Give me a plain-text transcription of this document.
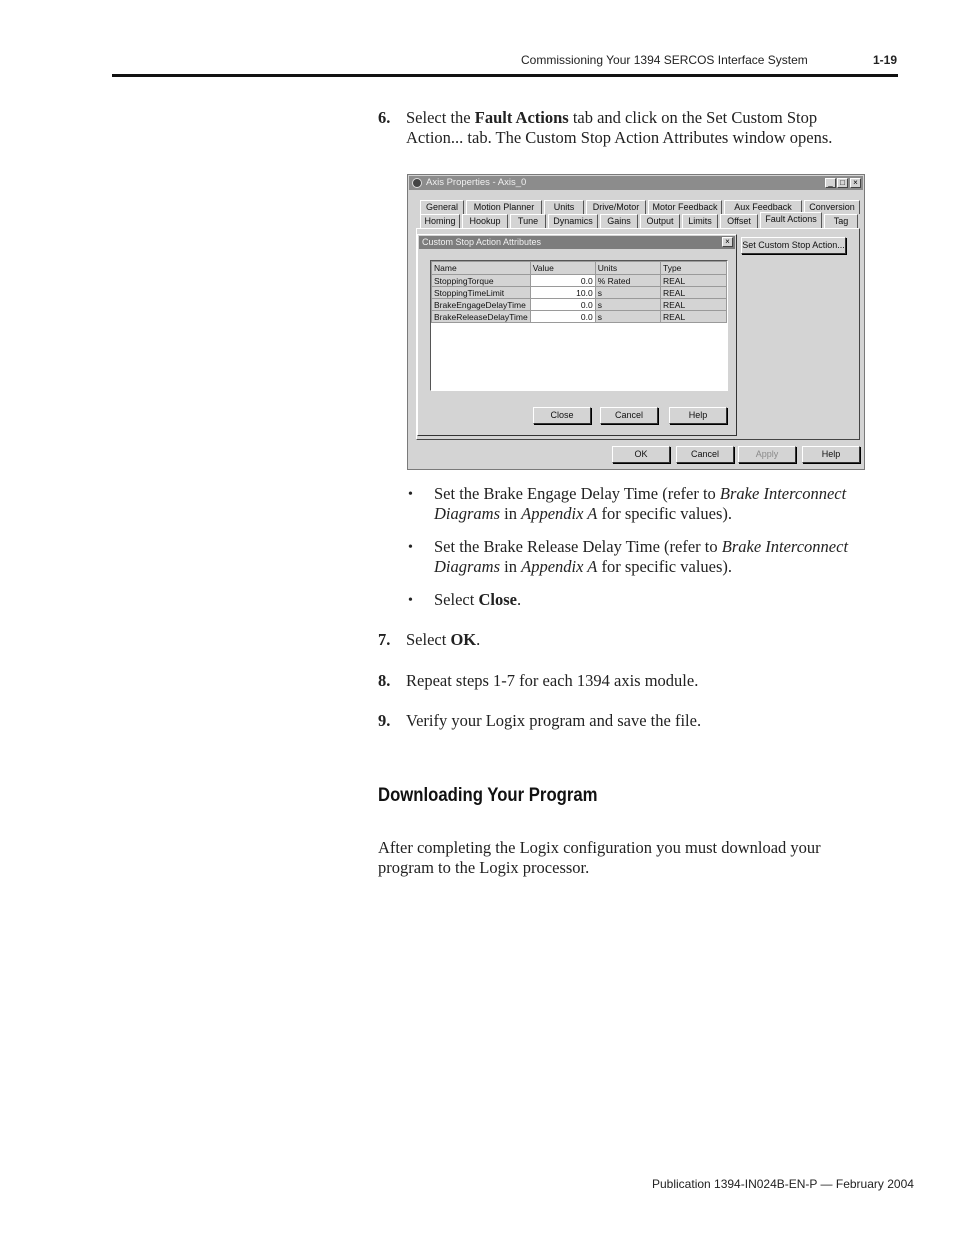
Commissioning Your 1394 SERCOS Interface System	1-19
6. Select the Fault Actions tab and click on the Set Custom Stop
Action... tab. The Custom Stop Action Attributes window opens.
Axis Properties - Axis_0	_ □	×
General	Motion Planner	Units	Drive/Motor	Motor Feedback	Aux Feedback	Conversion
Homing	Hookup	Tune	Dynamics	Gains	Output	Limits	Offset	Fault Actions	Tag
Set Custom Stop Action...
Custom Stop Action Attributes	×
Name	Value	Units	Type
StoppingTorque	0.0	% Rated	REAL
StoppingTimeLimit	10.0	s	REAL
BrakeEngageDelayTime	0.0	s	REAL
BrakeReleaseDelayTime	0.0	s	REAL
Close	Cancel	Help
OK	Cancel	Apply	Help
• Set the Brake Engage Delay Time (refer to Brake Interconnect
Diagrams in Appendix A for specific values).
• Set the Brake Release Delay Time (refer to Brake Interconnect
Diagrams in Appendix A for specific values).
• Select Close.
7. Select OK.
8. Repeat steps 1-7 for each 1394 axis module.
9. Verify your Logix program and save the file.
Downloading Your Program
After completing the Logix configuration you must download your
program to the Logix processor.
Publication 1394-IN024B-EN-P — February 2004
